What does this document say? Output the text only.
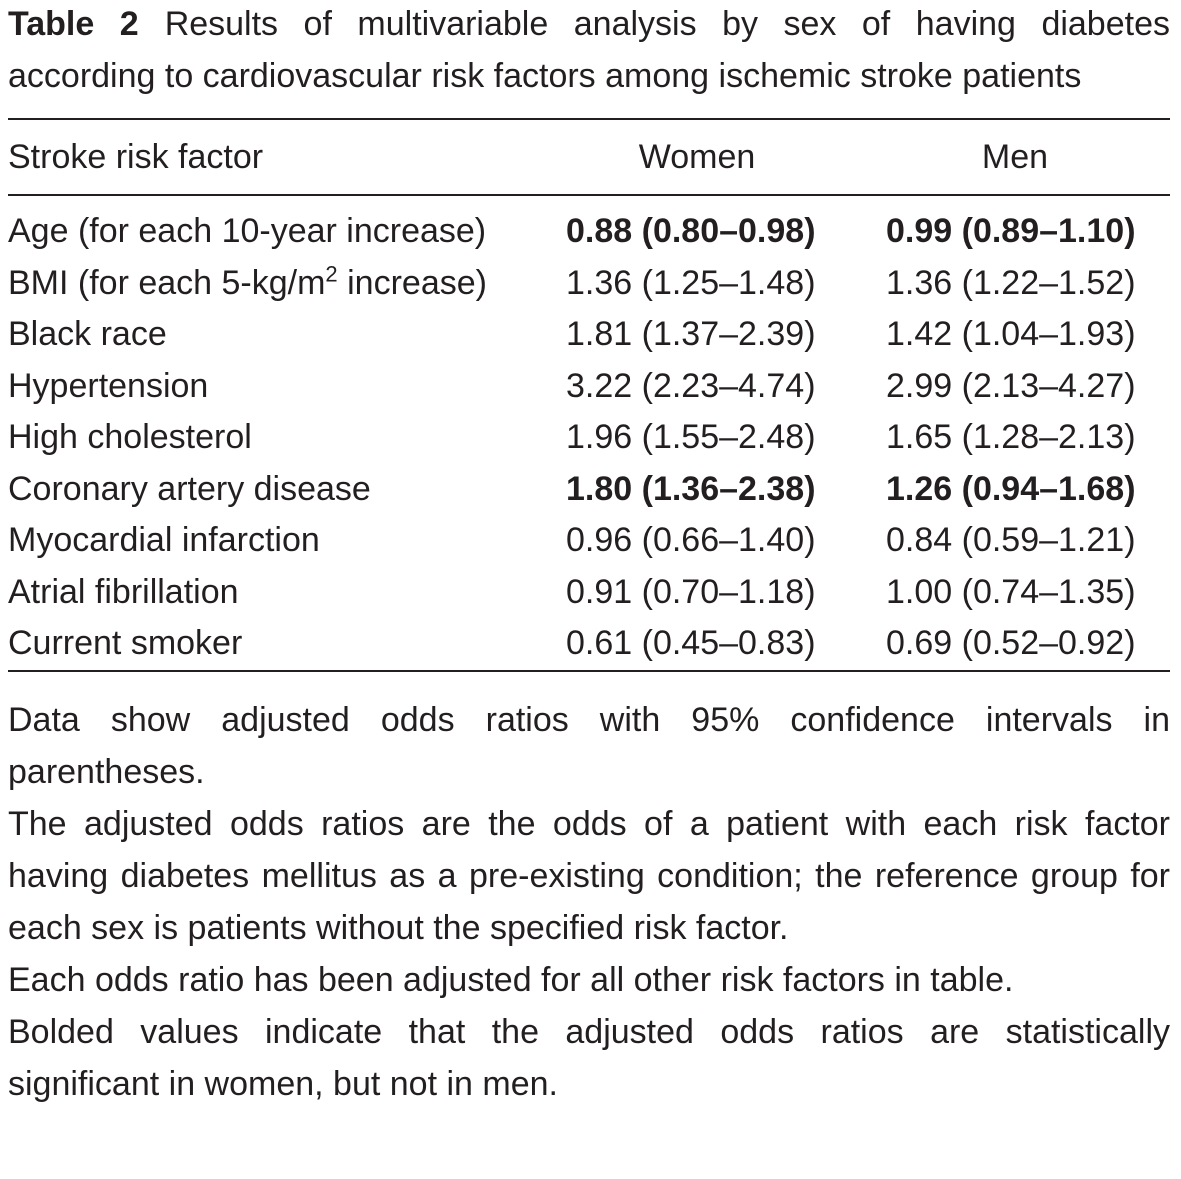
Table 2 Results of multivariable analysis by sex of having diabetes according to cardiovascular risk factors among ischemic stroke patients
Stroke risk factor	Women	Men

Age (for each 10-year increase)	0.88 (0.80–0.98)	0.99 (0.89–1.10)
BMI (for each $5-kg/m^2$ increase)	1.36 (1.25–1.48)	1.36 (1.22–1.52)
Black race	1.81 (1.37–2.39)	1.42 (1.04–1.93)
Hypertension	3.22 (2.23–4.74)	2.99 (2.13–4.27)
High cholesterol	1.96 (1.55–2.48)	1.65 (1.28–2.13)
Coronary artery disease	1.80 (1.36–2.38)	1.26 (0.94–1.68)
Myocardial infarction	0.96 (0.66–1.40)	0.84 (0.59–1.21)
Atrial fibrillation	0.91 (0.70–1.18)	1.00 (0.74–1.35)
Current smoker	0.61 (0.45–0.83)	0.69 (0.52–0.92)

Data show adjusted odds ratios with 95% confidence intervals in parentheses.

The adjusted odds ratios are the odds of a patient with each risk factor having diabetes mellitus as a pre-existing condition; the reference group for each sex is patients without the specified risk factor.

Each odds ratio has been adjusted for all other risk factors in table.

Bolded values indicate that the adjusted odds ratios are statistically significant in women, but not in men.
